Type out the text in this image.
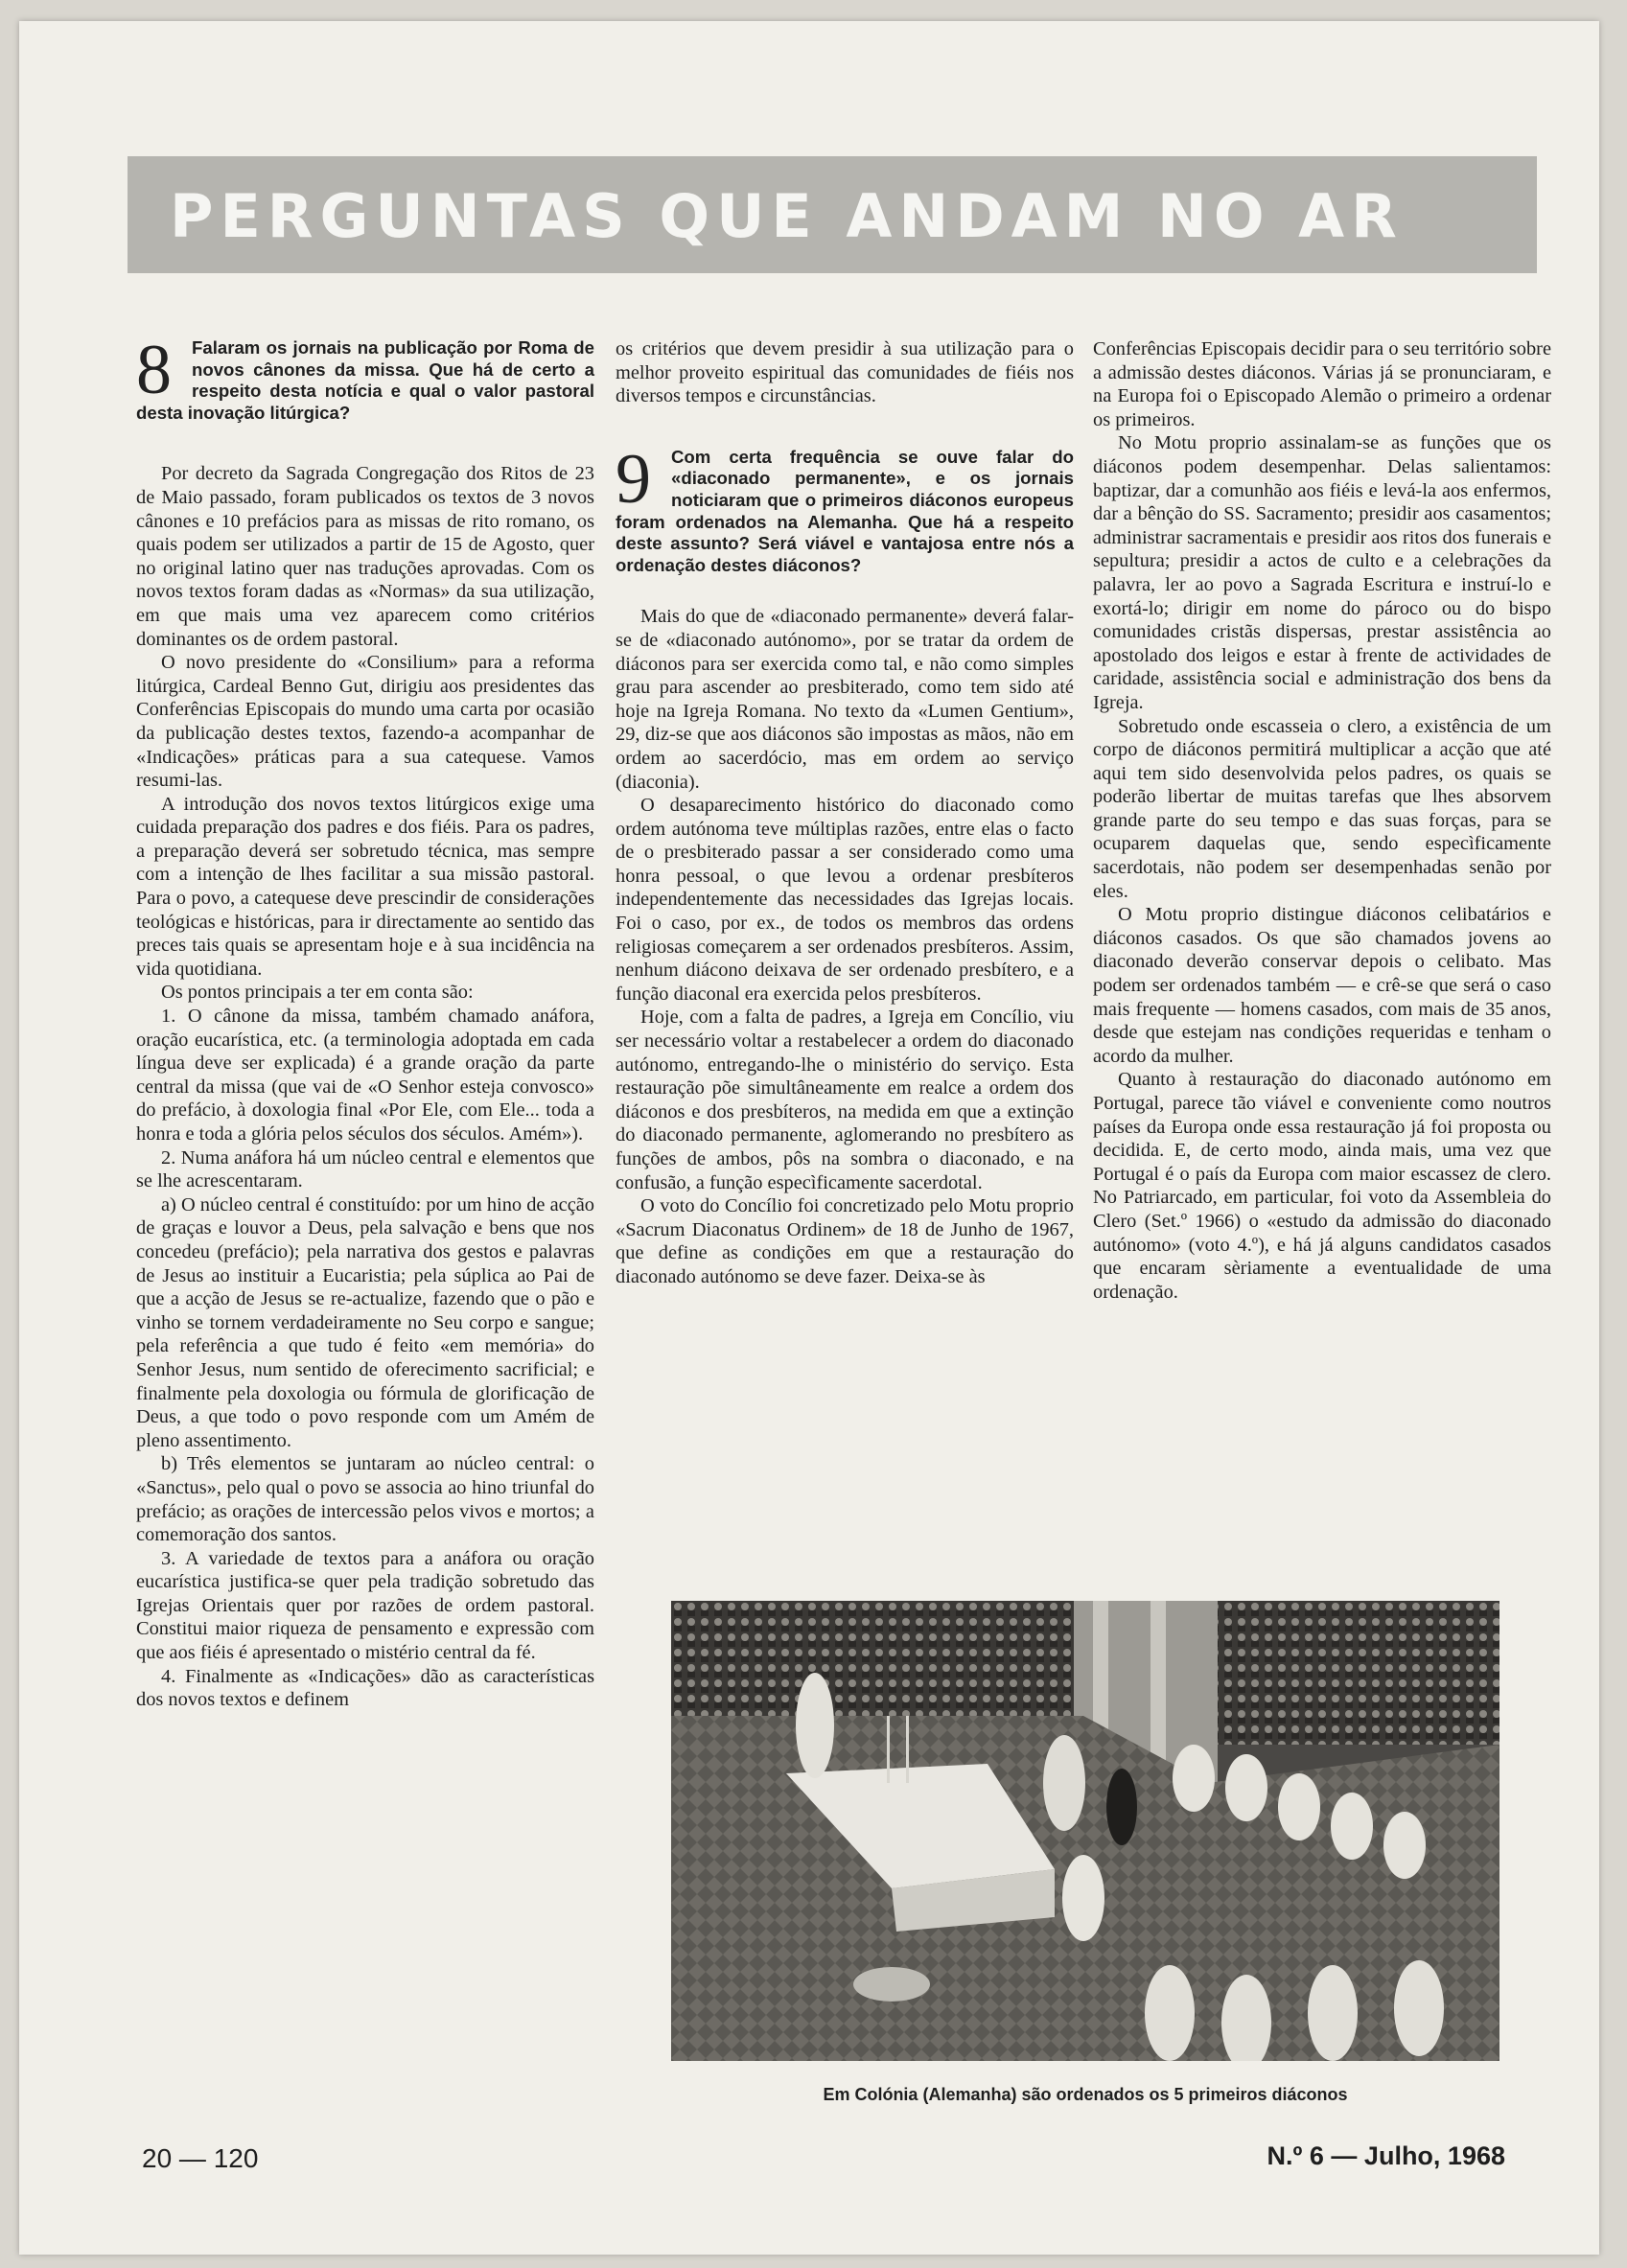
PERGUNTAS QUE ANDAM NO AR
8	Falaram os jornais na publicação por Roma de novos cânones da missa. Que há de certo a respeito desta notícia e qual o valor pastoral desta inovação litúrgica?

Por decreto da Sagrada Congregação dos Ritos de 23 de Maio passado, foram publicados os textos de 3 novos cânones e 10 prefácios para as missas de rito romano, os quais podem ser utilizados a partir de 15 de Agosto, quer no original latino quer nas traduções aprovadas. Com os novos textos foram dadas as «Normas» da sua utilização, em que mais uma vez aparecem como critérios dominantes os de ordem pastoral.

O novo presidente do «Consilium» para a reforma litúrgica, Cardeal Benno Gut, dirigiu aos presidentes das Conferências Episcopais do mundo uma carta por ocasião da publicação destes textos, fazendo-a acompanhar de «Indicações» práticas para a sua catequese. Vamos resumi-las.

A introdução dos novos textos litúrgicos exige uma cuidada preparação dos padres e dos fiéis. Para os padres, a preparação deverá ser sobretudo técnica, mas sempre com a intenção de lhes facilitar a sua missão pastoral. Para o povo, a catequese deve prescindir de considerações teológicas e históricas, para ir directamente ao sentido das preces tais quais se apresentam hoje e à sua incidência na vida quotidiana.

Os pontos principais a ter em conta são:

1. O cânone da missa, também chamado anáfora, oração eucarística, etc. (a terminologia adoptada em cada língua deve ser explicada) é a grande oração da parte central da missa (que vai de «O Senhor esteja convosco» do prefácio, à doxologia final «Por Ele, com Ele... toda a honra e toda a glória pelos séculos dos séculos. Amém»).

2. Numa anáfora há um núcleo central e elementos que se lhe acrescentaram.

a) O núcleo central é constituído: por um hino de acção de graças e louvor a Deus, pela salvação e bens que nos concedeu (prefácio); pela narrativa dos gestos e palavras de Jesus ao instituir a Eucaristia; pela súplica ao Pai de que a acção de Jesus se re-actualize, fazendo que o pão e vinho se tornem verdadeiramente no Seu corpo e sangue; pela referência a que tudo é feito «em memória» do Senhor Jesus, num sentido de oferecimento sacrificial; e finalmente pela doxologia ou fórmula de glorificação de Deus, a que todo o povo responde com um Amém de pleno assentimento.

b) Três elementos se juntaram ao núcleo central: o «Sanctus», pelo qual o povo se associa ao hino triunfal do prefácio; as orações de intercessão pelos vivos e mortos; a comemoração dos santos.

3. A variedade de textos para a anáfora ou oração eucarística justifica-se quer pela tradição sobretudo das Igrejas Orientais quer por razões de ordem pastoral. Constitui maior riqueza de pensamento e expressão com que aos fiéis é apresentado o mistério central da fé.

4. Finalmente as «Indicações» dão as características dos novos textos e definem

os critérios que devem presidir à sua utilização para o melhor proveito espiritual das comunidades de fiéis nos diversos tempos e circunstâncias.

9	Com certa frequência se ouve falar do «diaconado permanente», e os jornais noticiaram que o primeiros diáconos europeus foram ordenados na Alemanha. Que há a respeito deste assunto? Será viável e vantajosa entre nós a ordenação destes diáconos?

Mais do que de «diaconado permanente» deverá falar-se de «diaconado autónomo», por se tratar da ordem de diáconos para ser exercida como tal, e não como simples grau para ascender ao presbiterado, como tem sido até hoje na Igreja Romana. No texto da «Lumen Gentium», 29, diz-se que aos diáconos são impostas as mãos, não em ordem ao sacerdócio, mas em ordem ao serviço (diaconia).

O desaparecimento histórico do diaconado como ordem autónoma teve múltiplas razões, entre elas o facto de o presbiterado passar a ser considerado como uma honra pessoal, o que levou a ordenar presbíteros independentemente das necessidades das Igrejas locais. Foi o caso, por ex., de todos os membros das ordens religiosas começarem a ser ordenados presbíteros. Assim, nenhum diácono deixava de ser ordenado presbítero, e a função diaconal era exercida pelos presbíteros.

Hoje, com a falta de padres, a Igreja em Concílio, viu ser necessário voltar a restabelecer a ordem do diaconado autónomo, entregando-lhe o ministério do serviço. Esta restauração põe simultâneamente em realce a ordem dos diáconos e dos presbíteros, na medida em que a extinção do diaconado permanente, aglomerando no presbítero as funções de ambos, pôs na sombra o diaconado, e na confusão, a função especìficamente sacerdotal.

O voto do Concílio foi concretizado pelo Motu proprio «Sacrum Diaconatus Ordinem» de 18 de Junho de 1967, que define as condições em que a restauração do diaconado autónomo se deve fazer. Deixa-se às

Conferências Episcopais decidir para o seu território sobre a admissão destes diáconos. Várias já se pronunciaram, e na Europa foi o Episcopado Alemão o primeiro a ordenar os primeiros.

No Motu proprio assinalam-se as funções que os diáconos podem desempenhar. Delas salientamos: baptizar, dar a comunhão aos fiéis e levá-la aos enfermos, dar a bênção do SS. Sacramento; presidir aos casamentos; administrar sacramentais e presidir aos ritos dos funerais e sepultura; presidir a actos de culto e a celebrações da palavra, ler ao povo a Sagrada Escritura e instruí-lo e exortá-lo; dirigir em nome do pároco ou do bispo comunidades cristãs dispersas, prestar assistência ao apostolado dos leigos e estar à frente de actividades de caridade, assistência social e administração dos bens da Igreja.

Sobretudo onde escasseia o clero, a existência de um corpo de diáconos permitirá multiplicar a acção que até aqui tem sido desenvolvida pelos padres, os quais se poderão libertar de muitas tarefas que lhes absorvem grande parte do seu tempo e das suas forças, para se ocuparem daquelas que, sendo especìficamente sacerdotais, não podem ser desempenhadas senão por eles.

O Motu proprio distingue diáconos celibatários e diáconos casados. Os que são chamados jovens ao diaconado deverão conservar depois o celibato. Mas podem ser ordenados também — e crê-se que será o caso mais frequente — homens casados, com mais de 35 anos, desde que estejam nas condições requeridas e tenham o acordo da mulher.

Quanto à restauração do diaconado autónomo em Portugal, parece tão viável e conveniente como noutros países da Europa onde essa restauração já foi proposta ou decidida. E, de certo modo, ainda mais, uma vez que Portugal é o país da Europa com maior escassez de clero. No Patriarcado, em particular, foi voto da Assembleia do Clero (Set.º 1966) o «estudo da admissão do diaconado autónomo» (voto 4.º), e há já alguns candidatos casados que encaram sèriamente a eventualidade de uma ordenação.

Em Colónia (Alemanha) são ordenados os 5 primeiros diáconos
20 — 120	N.º 6 — Julho, 1968
